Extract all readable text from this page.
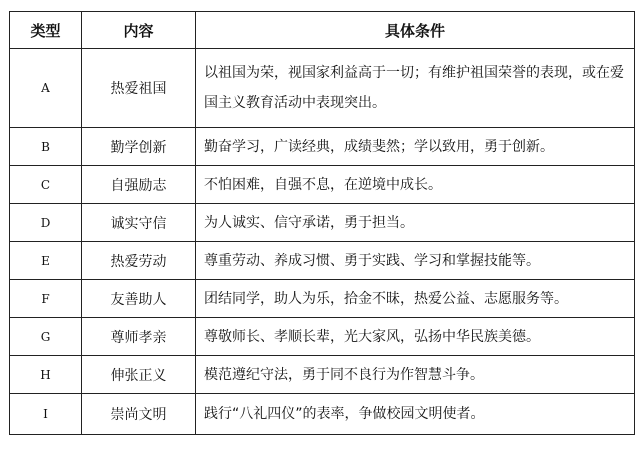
类型	内容	具体条件
A	热爱祖国	以祖国为荣，视国家利益高于一切；有维护祖国荣誉的表现，或在爱国主义教育活动中表现突出。
B	勤学创新	勤奋学习，广读经典，成绩斐然；学以致用，勇于创新。
C	自强励志	不怕困难，自强不息，在逆境中成长。
D	诚实守信	为人诚实、信守承诺，勇于担当。
E	热爱劳动	尊重劳动、养成习惯、勇于实践、学习和掌握技能等。
F	友善助人	团结同学，助人为乐，拾金不昧，热爱公益、志愿服务等。
G	尊师孝亲	尊敬师长、孝顺长辈，光大家风，弘扬中华民族美德。
H	伸张正义	模范遵纪守法，勇于同不良行为作智慧斗争。
I	崇尚文明	践行“八礼四仪”的表率，争做校园文明使者。
